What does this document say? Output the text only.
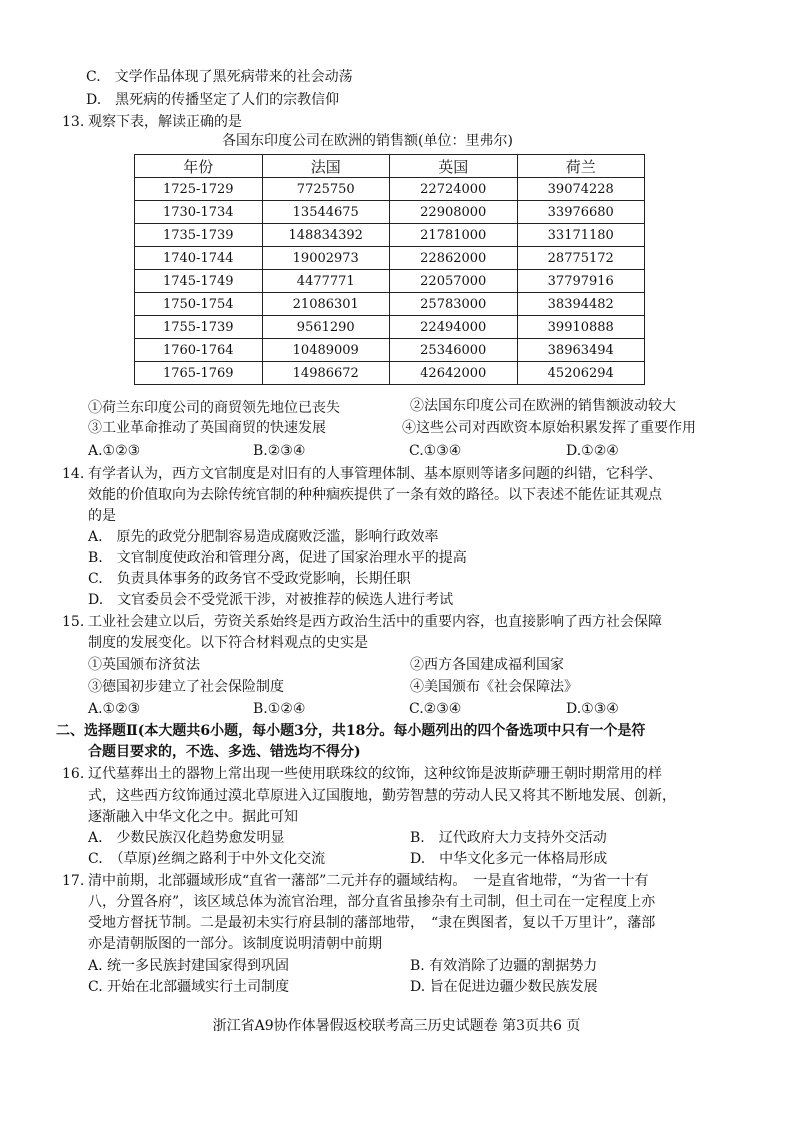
C.　文学作品体现了黑死病带来的社会动荡
D.　黑死病的传播坚定了人们的宗教信仰
13. 观察下表，解读正确的是
各国东印度公司在欧洲的销售额(单位：里弗尔)
年份	法国	英国	荷兰
1725-1729	7725750	22724000	39074228
1730-1734	13544675	22908000	33976680
1735-1739	148834392	21781000	33171180
1740-1744	19002973	22862000	28775172
1745-1749	4477771	22057000	37797916
1750-1754	21086301	25783000	38394482
1755-1739	9561290	22494000	39910888
1760-1764	10489009	25346000	38963494
1765-1769	14986672	42642000	45206294
①荷兰东印度公司的商贸领先地位已丧失	②法国东印度公司在欧洲的销售额波动较大
③工业革命推动了英国商贸的快速发展	④这些公司对西欧资本原始积累发挥了重要作用
A.①②③	B.②③④	C.①③④	D.①②④
14. 有学者认为，西方文官制度是对旧有的人事管理体制、基本原则等诸多问题的纠错，它科学、
效能的价值取向为去除传统官制的种种痼疾提供了一条有效的路径。以下表述不能佐证其观点
的是
A.　原先的政党分肥制容易造成腐败泛滥，影响行政效率
B.　文官制度使政治和管理分离，促进了国家治理水平的提高
C.　负责具体事务的政务官不受政党影响，长期任职
D.　文官委员会不受党派干涉，对被推荐的候选人进行考试
15. 工业社会建立以后，劳资关系始终是西方政治生活中的重要内容，也直接影响了西方社会保障
制度的发展变化。以下符合材料观点的史实是
①英国颁布济贫法	②西方各国建成福利国家
③德国初步建立了社会保险制度	④美国颁布《社会保障法》
A.①②③	B.①②④	C.②③④	D.①③④
二、选择题Ⅱ(本大题共6小题，每小题3分，共18分。每小题列出的四个备选项中只有一个是符
合题目要求的，不选、多选、错选均不得分)
16. 辽代墓葬出土的器物上常出现一些使用联珠纹的纹饰，这种纹饰是波斯萨珊王朝时期常用的样
式，这些西方纹饰通过漠北草原进入辽国腹地，勤劳智慧的劳动人民又将其不断地发展、创新，
逐渐融入中华文化之中。据此可知
A.　少数民族汉化趋势愈发明显	B.　辽代政府大力支持外交活动
C.　（草原)丝绸之路利于中外文化交流	D.　中华文化多元一体格局形成
17. 清中前期，北部疆域形成“直省一藩部”二元并存的疆域结构。　一是直省地带，“为省一十有
八，分置各府”，该区域总体为流官治理，部分直省虽掺杂有土司制，但土司在一定程度上亦
受地方督抚节制。二是最初未实行府县制的藩部地带，　“隶在舆图者，复以千万里计”，藩部
亦是清朝版图的一部分。该制度说明清朝中前期
A. 统一多民族封建国家得到巩固	B. 有效消除了边疆的割据势力
C. 开始在北部疆域实行土司制度	D. 旨在促进边疆少数民族发展
浙江省A9协作体暑假返校联考高三历史试题卷 第3页共6 页
